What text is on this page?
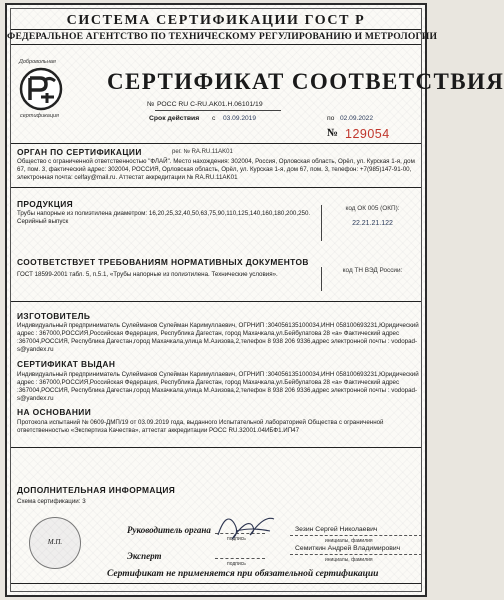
СИСТЕМА СЕРТИФИКАЦИИ ГОСТ Р
ФЕДЕРАЛЬНОЕ АГЕНТСТВО ПО ТЕХНИЧЕСКОМУ РЕГУЛИРОВАНИЮ И МЕТРОЛОГИИ
Добровольная
сертификация
СЕРТИФИКАТ СООТВЕТСТВИЯ
№ РОСС RU C-RU.AK01.H.06101/19
Срок действия с 03.09.2019	по 02.09.2022
№ 129054
ОРГАН ПО СЕРТИФИКАЦИИ	рег. № RA.RU.11AK01
Общество с ограниченной ответственностью "ФЛАЙ". Место нахождения: 302004, Россия, Орловская область, Орёл, ул. Курская 1-я, дом 67, пом. 3, фактический адрес: 302004, РОССИЯ, Орловская область, Орёл, ул. Курская 1-я, дом 67, пом. 3, телефон: +7(985)147-91-00, электронная почта: celfay@mail.ru. Аттестат аккредитации № RA.RU.11AK01
ПРОДУКЦИЯ
Трубы напорные из полиэтилена диаметром: 16,20,25,32,40,50,63,75,90,110,125,140,160,180,200,250. Серийный выпуск
код ОК 005 (ОКП):
22.21.21.122
СООТВЕТСТВУЕТ ТРЕБОВАНИЯМ НОРМАТИВНЫХ ДОКУМЕНТОВ
ГОСТ 18599-2001 табл. 5, п.5.1, «Трубы напорные из полиэтилена. Технические условия».
код ТН ВЭД России:
ИЗГОТОВИТЕЛЬ
Индивидуальный предприниматель Сулейманов Сулейман Каримуллаевич, ОГРНИП :304056135100034,ИНН 058100693231,Юридический адрес : 367000,РОССИЯ,Российская Федерация, Республика Дагестан, город Махачкала,ул.Бейбулатова 28 «а» Фактический адрес :367004,РОССИЯ, Республика Дагестан,город Махачкала,улица М.Азизова,2,телефон 8 938 206 9336,адрес электронной почты : vodopad-s@yandex.ru
СЕРТИФИКАТ ВЫДАН
Индивидуальный предприниматель Сулейманов Сулейман Каримуллаевич, ОГРНИП :304056135100034,ИНН 058100693231,Юридический адрес : 367000,РОССИЯ,Российская Федерация, Республика Дагестан, город Махачкала,ул.Бейбулатова 28 «а» Фактический адрес :367004,РОССИЯ, Республика Дагестан,город Махачкала,улица М.Азизова,2,телефон 8 938 206 9336,адрес электронной почты : vodopad-s@yandex.ru
НА ОСНОВАНИИ
Протокола испытаний № 0609-ДМП/19 от 03.09.2019 года, выданного Испытательной лабораторией Общества с ограниченной ответственностью «Экспертиза Качества», аттестат аккредитации РОСС RU.32001.04ИБФ1.ИП47
ДОПОЛНИТЕЛЬНАЯ ИНФОРМАЦИЯ
Схема сертификации: 3
М.П.
Руководитель органа
подпись
Зезин Сергей Николаевич
инициалы, фамилия
Эксперт
подпись
Семиткин Андрей Владимирович
инициалы, фамилия
Сертификат не применяется при обязательной сертификации
